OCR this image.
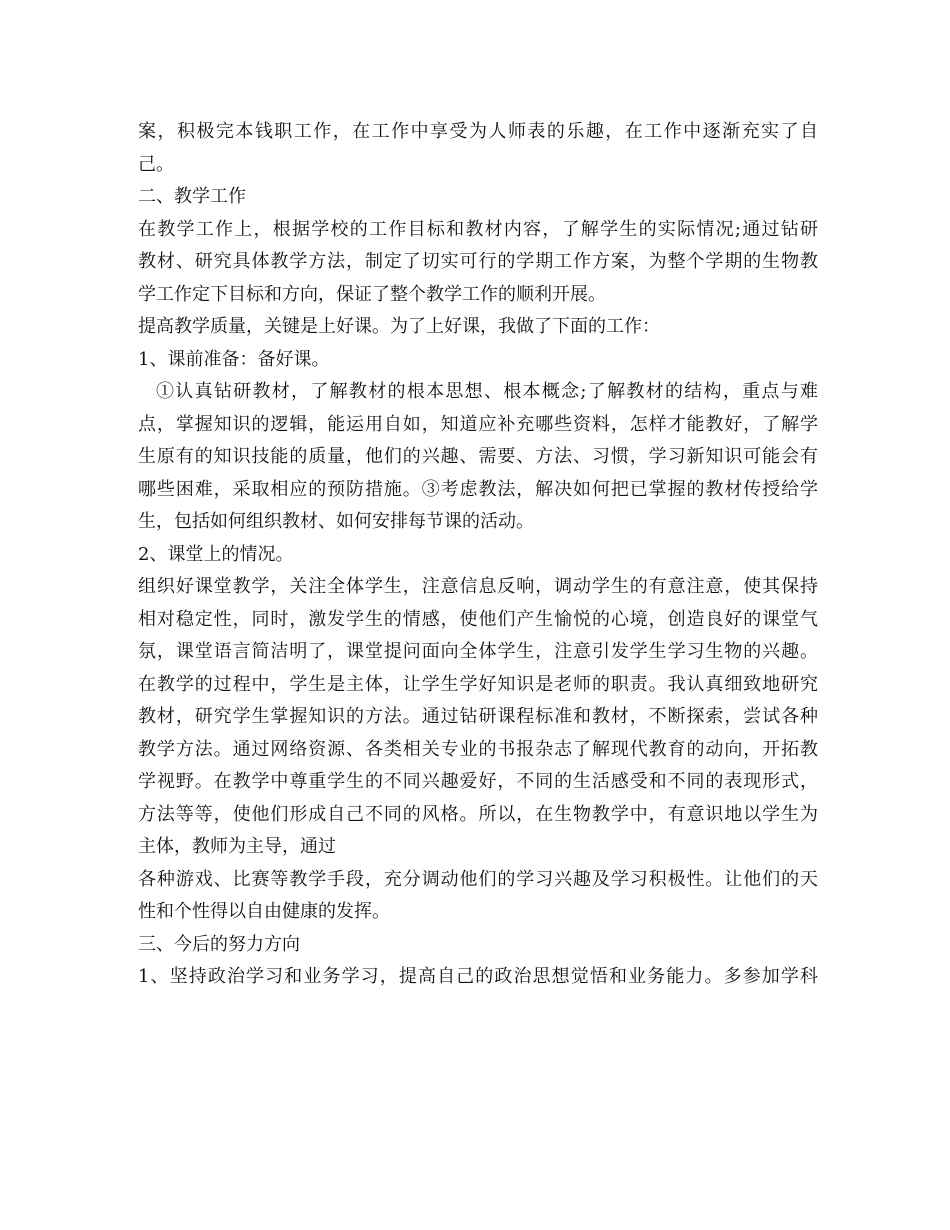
案，积极完本钱职工作，在工作中享受为人师表的乐趣，在工作中逐渐充实了自
己。
二、教学工作
在教学工作上，根据学校的工作目标和教材内容，了解学生的实际情况;通过钻研
教材、研究具体教学方法，制定了切实可行的学期工作方案，为整个学期的生物教
学工作定下目标和方向，保证了整个教学工作的顺利开展。
提高教学质量，关键是上好课。为了上好课，我做了下面的工作：
1、课前准备：备好课。
①认真钻研教材，了解教材的根本思想、根本概念;了解教材的结构，重点与难
点，掌握知识的逻辑，能运用自如，知道应补充哪些资料，怎样才能教好，了解学
生原有的知识技能的质量，他们的兴趣、需要、方法、习惯，学习新知识可能会有
哪些困难，采取相应的预防措施。③考虑教法，解决如何把已掌握的教材传授给学
生，包括如何组织教材、如何安排每节课的活动。
2、课堂上的情况。
组织好课堂教学，关注全体学生，注意信息反响，调动学生的有意注意，使其保持
相对稳定性，同时，激发学生的情感，使他们产生愉悦的心境，创造良好的课堂气
氛，课堂语言简洁明了，课堂提问面向全体学生，注意引发学生学习生物的兴趣。
在教学的过程中，学生是主体，让学生学好知识是老师的职责。我认真细致地研究
教材，研究学生掌握知识的方法。通过钻研课程标准和教材，不断探索，尝试各种
教学方法。通过网络资源、各类相关专业的书报杂志了解现代教育的动向，开拓教
学视野。在教学中尊重学生的不同兴趣爱好，不同的生活感受和不同的表现形式，
方法等等，使他们形成自己不同的风格。所以，在生物教学中，有意识地以学生为
主体，教师为主导，通过
各种游戏、比赛等教学手段，充分调动他们的学习兴趣及学习积极性。让他们的天
性和个性得以自由健康的发挥。
三、今后的努力方向
1、坚持政治学习和业务学习，提高自己的政治思想觉悟和业务能力。多参加学科
